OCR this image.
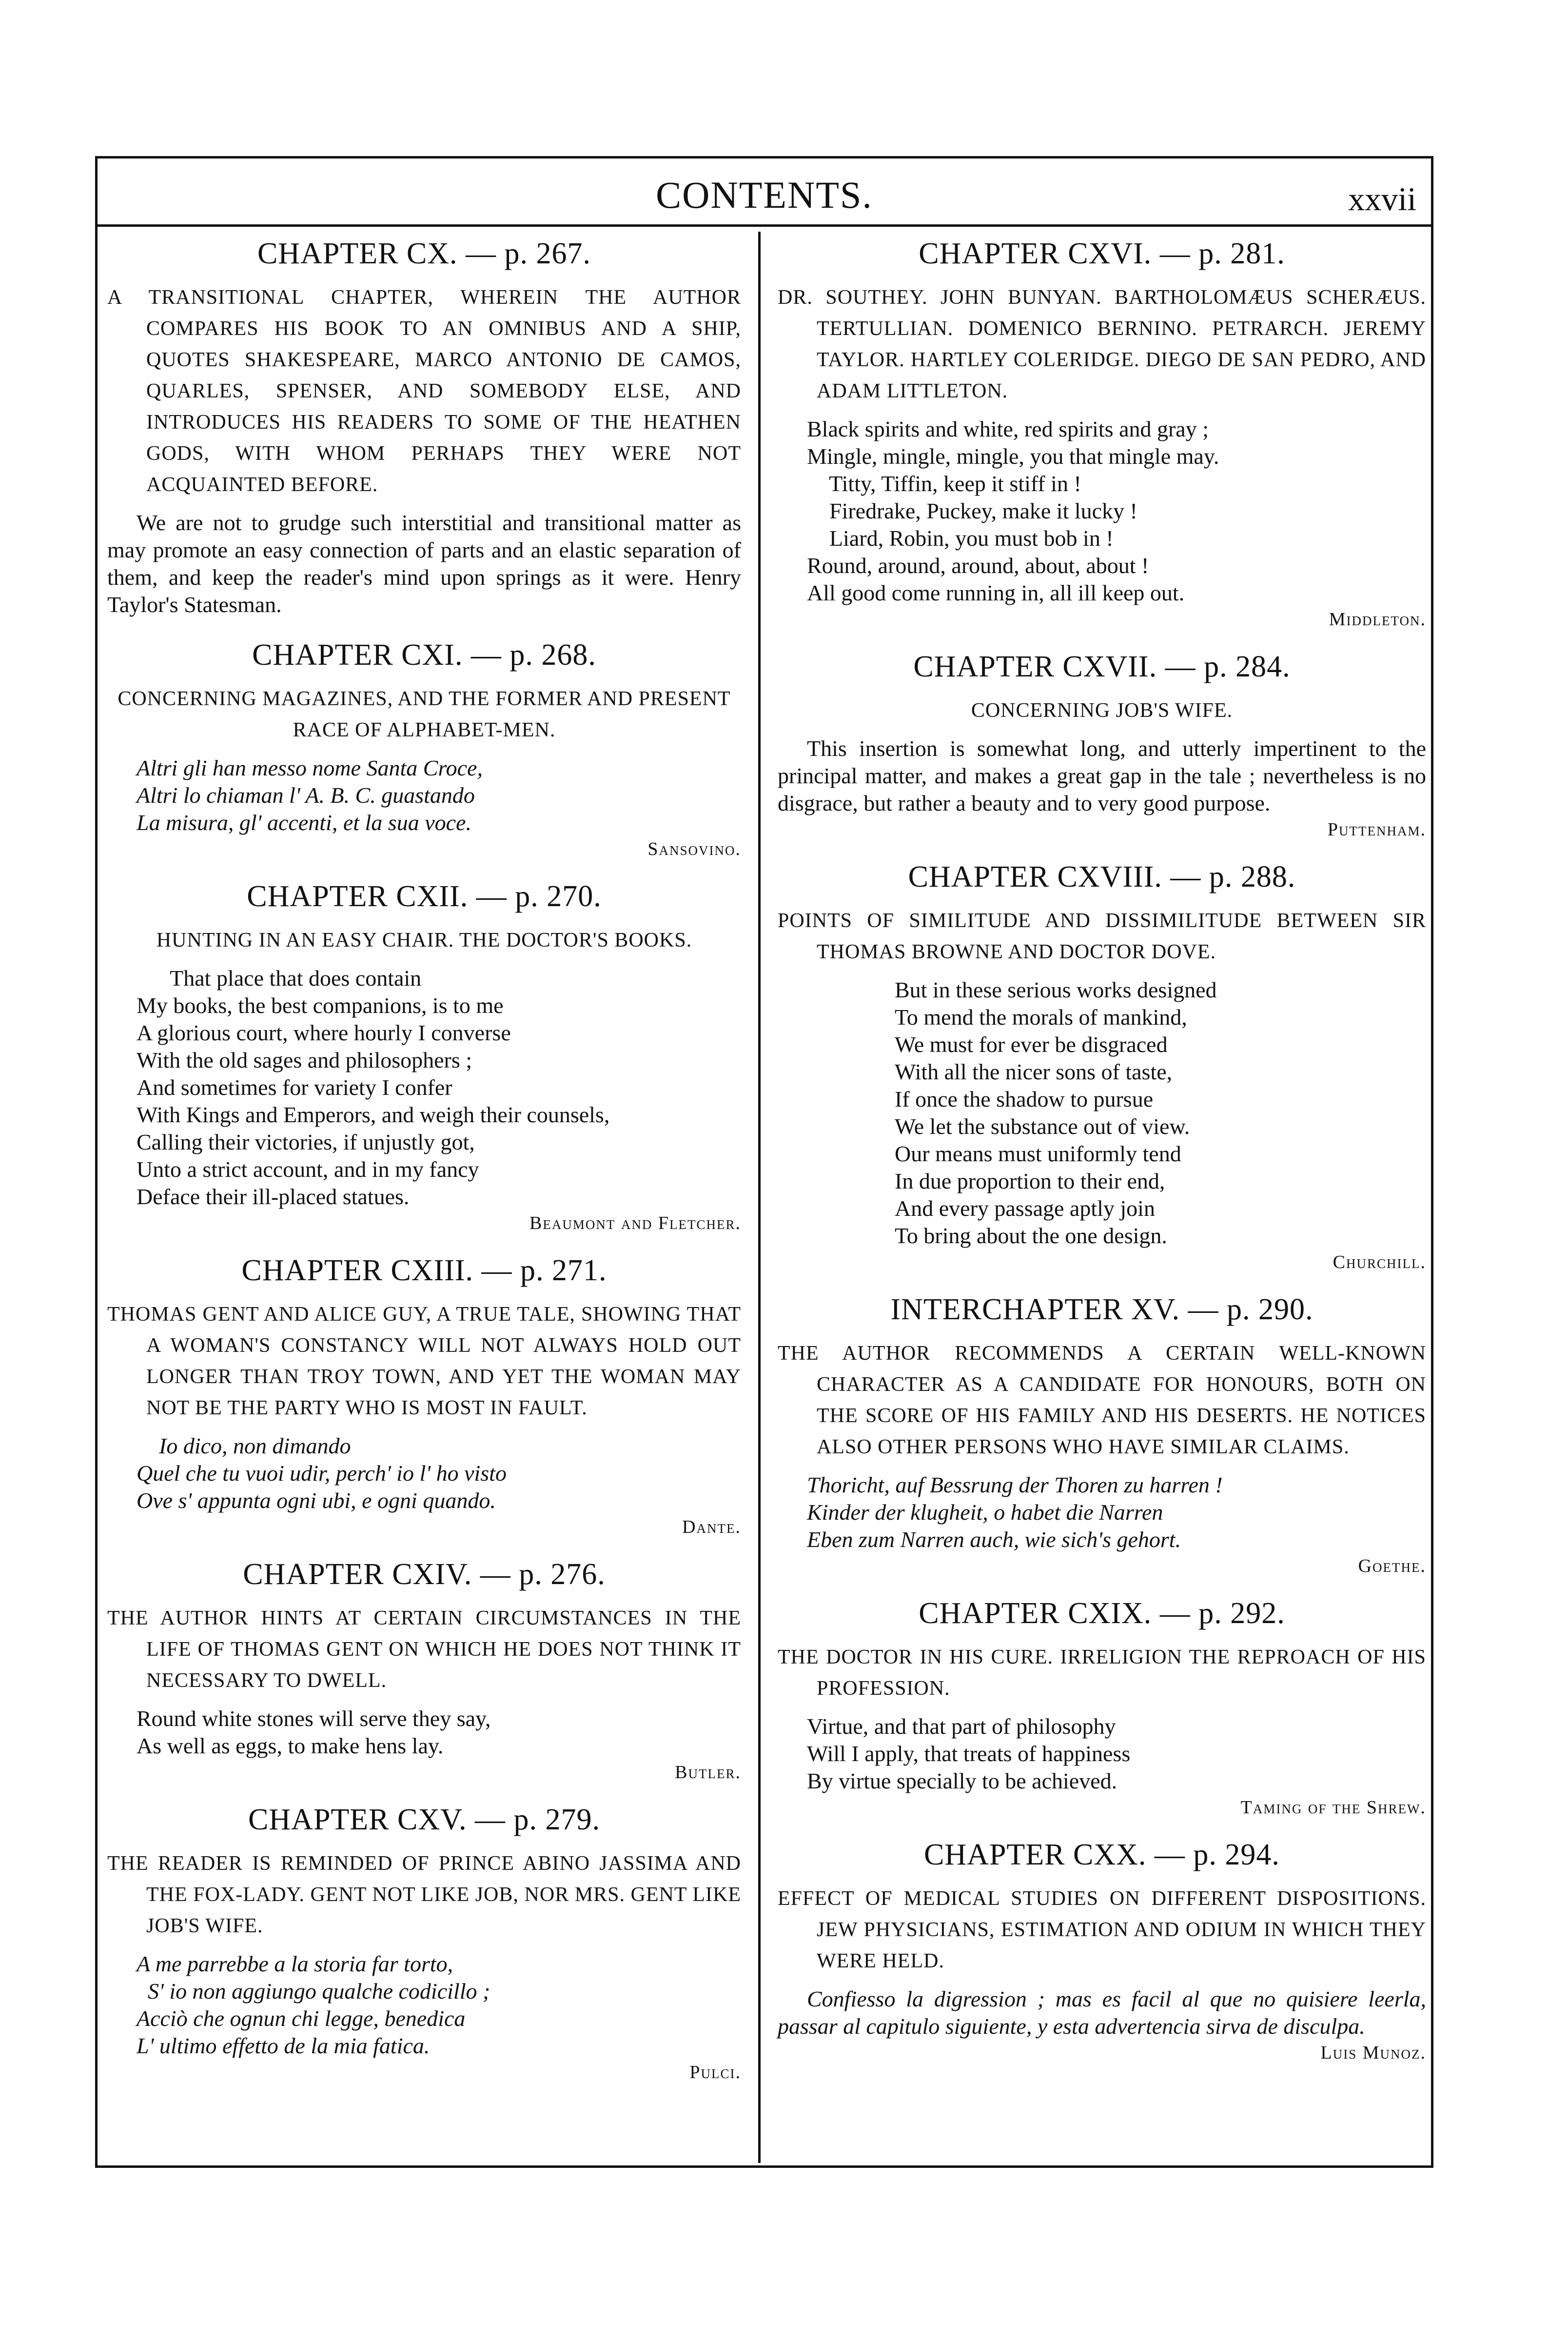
CONTENTS.	xxvii
CHAPTER CX. — p. 267.
A TRANSITIONAL CHAPTER, WHEREIN THE AUTHOR COMPARES HIS BOOK TO AN OMNIBUS AND A SHIP, QUOTES SHAKESPEARE, MARCO ANTONIO DE CAMOS, QUARLES, SPENSER, AND SOMEBODY ELSE, AND INTRODUCES HIS READERS TO SOME OF THE HEATHEN GODS, WITH WHOM PERHAPS THEY WERE NOT ACQUAINTED BEFORE.

We are not to grudge such interstitial and transitional matter as may promote an easy connection of parts and an elastic separation of them, and keep the reader's mind upon springs as it were. Henry Taylor's Statesman.

CHAPTER CXI. — p. 268.
CONCERNING MAGAZINES, AND THE FORMER AND PRESENT RACE OF ALPHABET-MEN.
Altri gli han messo nome Santa Croce,
Altri lo chiaman l' A. B. C. guastando
La misura, gl' accenti, et la sua voce.
Sansovino.
CHAPTER CXII. — p. 270.
HUNTING IN AN EASY CHAIR. THE DOCTOR'S BOOKS.
That place that does contain
My books, the best companions, is to me
A glorious court, where hourly I converse
With the old sages and philosophers ;
And sometimes for variety I confer
With Kings and Emperors, and weigh their counsels,
Calling their victories, if unjustly got,
Unto a strict account, and in my fancy
Deface their ill-placed statues.
Beaumont and Fletcher.
CHAPTER CXIII. — p. 271.
THOMAS GENT AND ALICE GUY, A TRUE TALE, SHOWING THAT A WOMAN'S CONSTANCY WILL NOT ALWAYS HOLD OUT LONGER THAN TROY TOWN, AND YET THE WOMAN MAY NOT BE THE PARTY WHO IS MOST IN FAULT.
Io dico, non dimando
Quel che tu vuoi udir, perch' io l' ho visto
Ove s' appunta ogni ubi, e ogni quando.
Dante.
CHAPTER CXIV. — p. 276.
THE AUTHOR HINTS AT CERTAIN CIRCUMSTANCES IN THE LIFE OF THOMAS GENT ON WHICH HE DOES NOT THINK IT NECESSARY TO DWELL.
Round white stones will serve they say,
As well as eggs, to make hens lay.
Butler.
CHAPTER CXV. — p. 279.
THE READER IS REMINDED OF PRINCE ABINO JASSIMA AND THE FOX-LADY. GENT NOT LIKE JOB, NOR MRS. GENT LIKE JOB'S WIFE.
A me parrebbe a la storia far torto,
S' io non aggiungo qualche codicillo ;
Acciò che ognun chi legge, benedica
L' ultimo effetto de la mia fatica.
Pulci.
CHAPTER CXVI. — p. 281.
DR. SOUTHEY. JOHN BUNYAN. BARTHOLOMÆUS SCHERÆUS. TERTULLIAN. DOMENICO BERNINO. PETRARCH. JEREMY TAYLOR. HARTLEY COLERIDGE. DIEGO DE SAN PEDRO, AND ADAM LITTLETON.
Black spirits and white, red spirits and gray ;
Mingle, mingle, mingle, you that mingle may.
Titty, Tiffin, keep it stiff in !
Firedrake, Puckey, make it lucky !
Liard, Robin, you must bob in !
Round, around, around, about, about !
All good come running in, all ill keep out.
Middleton.
CHAPTER CXVII. — p. 284.
CONCERNING JOB'S WIFE.

This insertion is somewhat long, and utterly impertinent to the principal matter, and makes a great gap in the tale ; nevertheless is no disgrace, but rather a beauty and to very good purpose.

Puttenham.
CHAPTER CXVIII. — p. 288.
POINTS OF SIMILITUDE AND DISSIMILITUDE BETWEEN SIR THOMAS BROWNE AND DOCTOR DOVE.
But in these serious works designed
To mend the morals of mankind,
We must for ever be disgraced
With all the nicer sons of taste,
If once the shadow to pursue
We let the substance out of view.
Our means must uniformly tend
In due proportion to their end,
And every passage aptly join
To bring about the one design.
Churchill.
INTERCHAPTER XV. — p. 290.
THE AUTHOR RECOMMENDS A CERTAIN WELL-KNOWN CHARACTER AS A CANDIDATE FOR HONOURS, BOTH ON THE SCORE OF HIS FAMILY AND HIS DESERTS. HE NOTICES ALSO OTHER PERSONS WHO HAVE SIMILAR CLAIMS.
Thoricht, auf Bessrung der Thoren zu harren !
Kinder der klugheit, o habet die Narren
Eben zum Narren auch, wie sich's gehort.
Goethe.
CHAPTER CXIX. — p. 292.
THE DOCTOR IN HIS CURE. IRRELIGION THE REPROACH OF HIS PROFESSION.
Virtue, and that part of philosophy
Will I apply, that treats of happiness
By virtue specially to be achieved.
Taming of the Shrew.
CHAPTER CXX. — p. 294.
EFFECT OF MEDICAL STUDIES ON DIFFERENT DISPOSITIONS. JEW PHYSICIANS, ESTIMATION AND ODIUM IN WHICH THEY WERE HELD.

Confiesso la digression ; mas es facil al que no quisiere leerla, passar al capitulo siguiente, y esta advertencia sirva de disculpa.

Luis Munoz.
